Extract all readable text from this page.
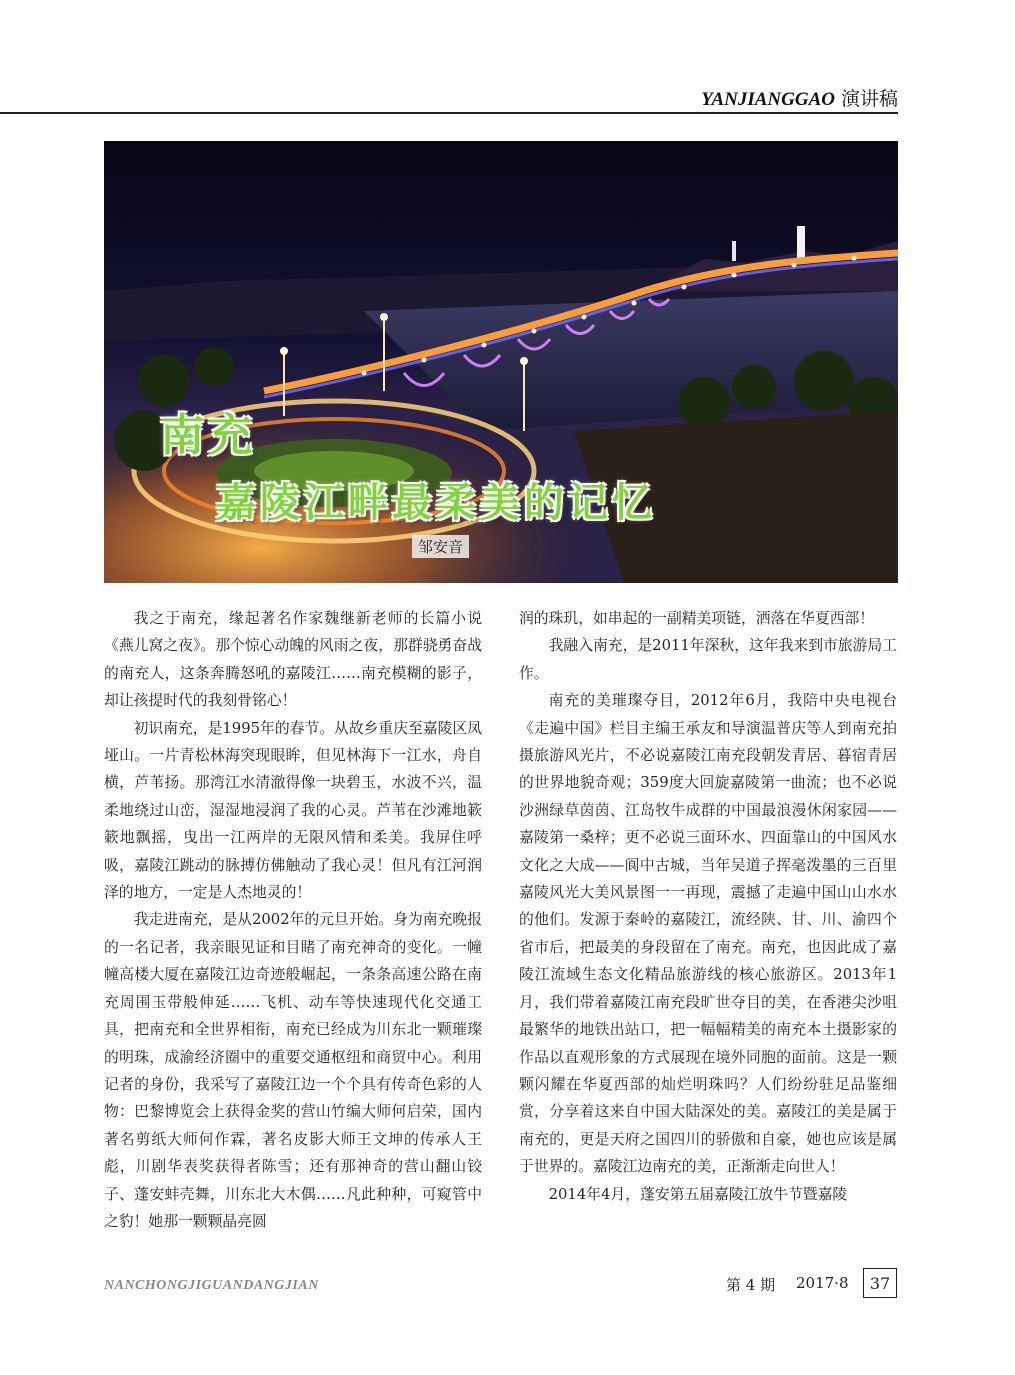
YANJIANGGAO 演讲稿
南充
嘉陵江畔最柔美的记忆
邹安音

我之于南充，缘起著名作家魏继新老师的长篇小说《燕儿窝之夜》。那个惊心动魄的风雨之夜，那群骁勇奋战的南充人，这条奔腾怒吼的嘉陵江……南充模糊的影子，却让孩提时代的我刻骨铭心！

初识南充，是1995年的春节。从故乡重庆至嘉陵区凤垭山。一片青松林海突现眼眸，但见林海下一江水，舟自横，芦苇扬。那湾江水清澈得像一块碧玉，水波不兴，温柔地绕过山峦，湿湿地浸润了我的心灵。芦苇在沙滩地簌簌地飘摇，曳出一江两岸的无限风情和柔美。我屏住呼吸，嘉陵江跳动的脉搏仿佛触动了我心灵！但凡有江河润泽的地方，一定是人杰地灵的！

我走进南充，是从2002年的元旦开始。身为南充晚报的一名记者，我亲眼见证和目睹了南充神奇的变化。一幢幢高楼大厦在嘉陵江边奇迹般崛起，一条条高速公路在南充周围玉带般伸延……飞机、动车等快速现代化交通工具，把南充和全世界相衔，南充已经成为川东北一颗璀璨的明珠，成渝经济圈中的重要交通枢纽和商贸中心。利用记者的身份，我采写了嘉陵江边一个个具有传奇色彩的人物：巴黎博览会上获得金奖的营山竹编大师何启荣，国内著名剪纸大师何作霖，著名皮影大师王文坤的传承人王彪，川剧华表奖获得者陈雪；还有那神奇的营山翻山铰子、蓬安蚌壳舞，川东北大木偶……凡此种种，可窥管中之豹！她那一颗颗晶亮圆

润的珠玑，如串起的一副精美项链，洒落在华夏西部！

我融入南充，是2011年深秋，这年我来到市旅游局工作。

南充的美璀璨夺目，2012年6月，我陪中央电视台《走遍中国》栏目主编王承友和导演温普庆等人到南充拍摄旅游风光片，不必说嘉陵江南充段朝发青居、暮宿青居的世界地貌奇观；359度大回旋嘉陵第一曲流；也不必说沙洲绿草茵茵、江岛牧牛成群的中国最浪漫休闲家园——嘉陵第一桑梓；更不必说三面环水、四面靠山的中国风水文化之大成——阆中古城，当年吴道子挥毫泼墨的三百里嘉陵风光大美风景图一一再现，震撼了走遍中国山山水水的他们。发源于秦岭的嘉陵江，流经陕、甘、川、渝四个省市后，把最美的身段留在了南充。南充，也因此成了嘉陵江流域生态文化精品旅游线的核心旅游区。2013年1月，我们带着嘉陵江南充段旷世夺目的美，在香港尖沙咀最繁华的地铁出站口，把一幅幅精美的南充本土摄影家的作品以直观形象的方式展现在境外同胞的面前。这是一颗颗闪耀在华夏西部的灿烂明珠吗？人们纷纷驻足品鉴细赏，分享着这来自中国大陆深处的美。嘉陵江的美是属于南充的，更是天府之国四川的骄傲和自豪，她也应该是属于世界的。嘉陵江边南充的美，正渐渐走向世人！

2014年4月，蓬安第五届嘉陵江放牛节暨嘉陵

NANCHONGJIGUANDANGJIAN	第 4 期 2017·8	37
